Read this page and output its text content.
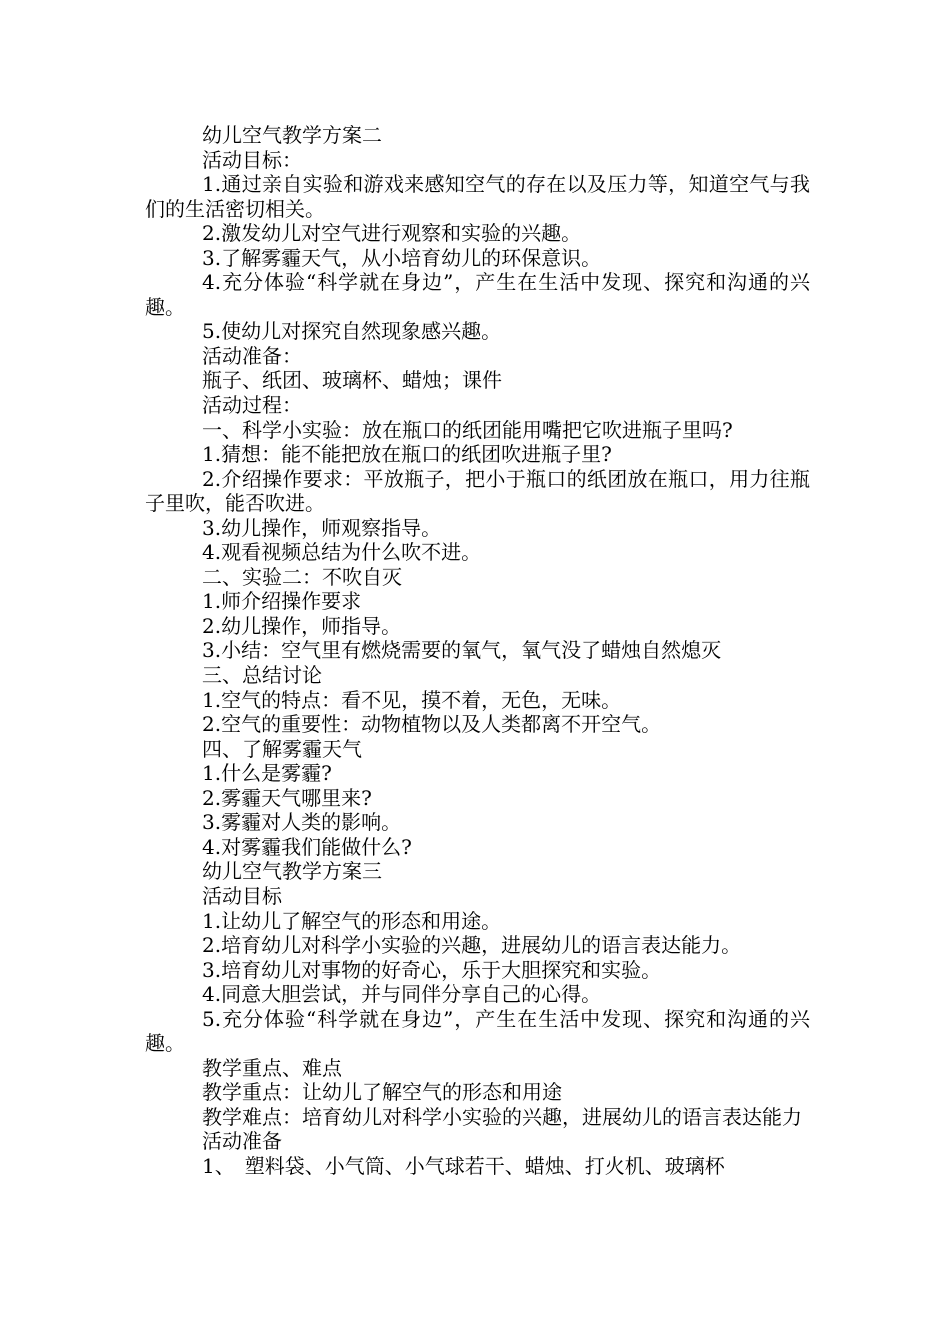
幼儿空气教学方案二

活动目标：

1.通过亲自实验和游戏来感知空气的存在以及压力等，知道空气与我们的生活密切相关。

2.激发幼儿对空气进行观察和实验的兴趣。

3.了解雾霾天气，从小培育幼儿的环保意识。

4.充分体验“科学就在身边”，产生在生活中发现、探究和沟通的兴趣。

5.使幼儿对探究自然现象感兴趣。

活动准备：

瓶子、纸团、玻璃杯、蜡烛；课件

活动过程：

一、科学小实验：放在瓶口的纸团能用嘴把它吹进瓶子里吗?

1.猜想：能不能把放在瓶口的纸团吹进瓶子里?

2.介绍操作要求：平放瓶子，把小于瓶口的纸团放在瓶口，用力往瓶子里吹，能否吹进。

3.幼儿操作，师观察指导。

4.观看视频总结为什么吹不进。

二、实验二：不吹自灭

1.师介绍操作要求

2.幼儿操作，师指导。

3.小结：空气里有燃烧需要的氧气，氧气没了蜡烛自然熄灭

三、总结讨论

1.空气的特点：看不见，摸不着，无色，无味。

2.空气的重要性：动物植物以及人类都离不开空气。

四、了解雾霾天气

1.什么是雾霾?

2.雾霾天气哪里来?

3.雾霾对人类的影响。

4.对雾霾我们能做什么?

幼儿空气教学方案三

活动目标

1.让幼儿了解空气的形态和用途。

2.培育幼儿对科学小实验的兴趣，进展幼儿的语言表达能力。

3.培育幼儿对事物的好奇心，乐于大胆探究和实验。

4.同意大胆尝试，并与同伴分享自己的心得。

5.充分体验“科学就在身边”，产生在生活中发现、探究和沟通的兴趣。

教学重点、难点

教学重点：让幼儿了解空气的形态和用途

教学难点：培育幼儿对科学小实验的兴趣，进展幼儿的语言表达能力

活动准备

1、　塑料袋、小气筒、小气球若干、蜡烛、打火机、玻璃杯
